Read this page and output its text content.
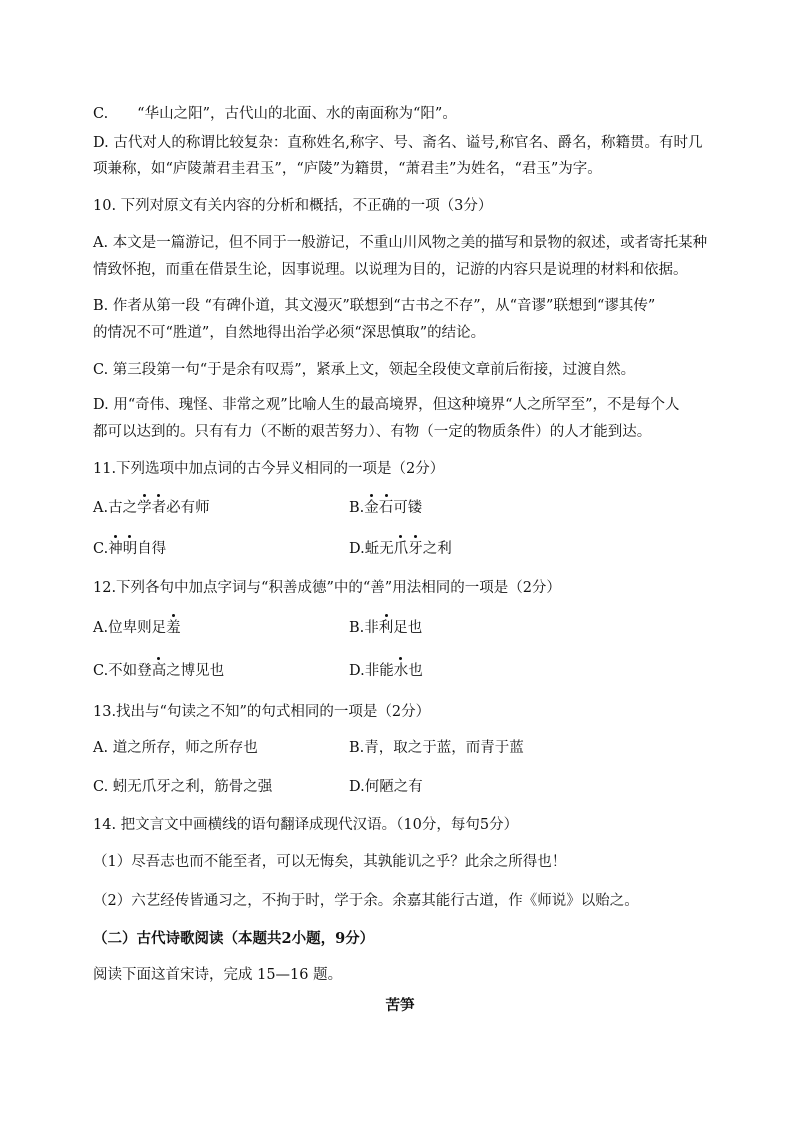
C.　　“华山之阳”，古代山的北面、水的南面称为“阳”。
D. 古代对人的称谓比较复杂：直称姓名,称字、号、斋名、谥号,称官名、爵名，称籍贯。有时几
项兼称，如“庐陵萧君圭君玉”，“庐陵”为籍贯，“萧君圭”为姓名，“君玉”为字。
10. 下列对原文有关内容的分析和概括，不正确的一项（3分）
A. 本文是一篇游记，但不同于一般游记，不重山川风物之美的描写和景物的叙述，或者寄托某种
情致怀抱，而重在借景生论，因事说理。以说理为目的，记游的内容只是说理的材料和依据。
B. 作者从第一段 “有碑仆道，其文漫灭”联想到“古书之不存”，从“音谬”联想到“谬其传”
的情况不可“胜道”，自然地得出治学必须“深思慎取”的结论。
C. 第三段第一句“于是余有叹焉”，紧承上文，领起全段使文章前后衔接，过渡自然。
D. 用“奇伟、瑰怪、非常之观”比喻人生的最高境界，但这种境界“人之所罕至”，不是每个人
都可以达到的。只有有力（不断的艰苦努力）、有物（一定的物质条件）的人才能到达。
11.下列选项中加点词的古今异义相同的一项是（2分）
A.古之学者必有师	B.金石可镂
C.神明自得	D.蚯无爪牙之利
12.下列各句中加点字词与“积善成德”中的“善”用法相同的一项是（2分）
A.位卑则足羞	B.非利足也
C.不如登高之博见也	D.非能水也
13.找出与“句读之不知”的句式相同的一项是（2分）
A. 道之所存，师之所存也	B.青，取之于蓝，而青于蓝
C. 蚓无爪牙之利，筋骨之强	D.何陋之有
14. 把文言文中画横线的语句翻译成现代汉语。（10分，每句5分）
（1）尽吾志也而不能至者，可以无悔矣，其孰能讥之乎？此余之所得也！
（2）六艺经传皆通习之，不拘于时，学于余。余嘉其能行古道，作《师说》以贻之。
（二）古代诗歌阅读（本题共2小题，9分）
阅读下面这首宋诗，完成 15—16 题。
苦笋
